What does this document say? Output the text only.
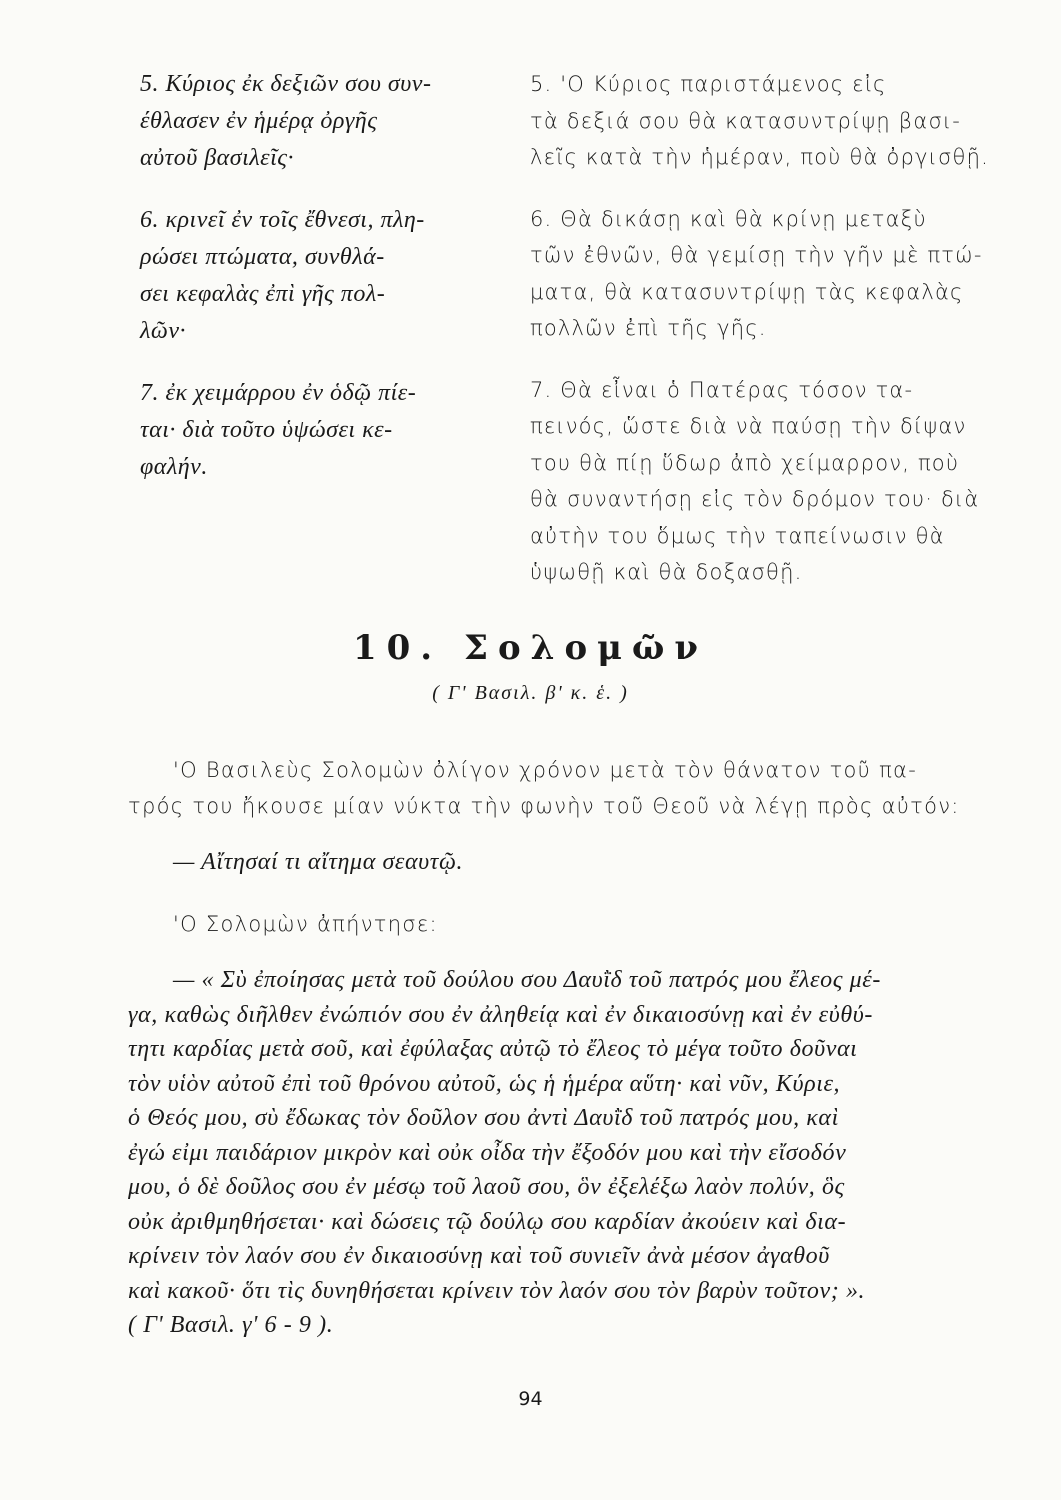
5. Κύριος ἐκ δεξιῶν σου συν-
έθλασεν ἐν ἡμέρᾳ ὀργῆς
αὐτοῦ βασιλεῖς·
6. κρινεῖ ἐν τοῖς ἔθνεσι, πλη-
ρώσει πτώματα, συνθλά-
σει κεφαλὰς ἐπὶ γῆς πολ-
λῶν·
7. ἐκ χειμάρρου ἐν ὁδῷ πίε-
ται· διὰ τοῦτο ὑψώσει κε-
φαλήν.
5. 'Ο Κύριος παριστάμενος εἰς
τὰ δεξιά σου θὰ κατασυντρίψῃ βασι-
λεῖς κατὰ τὴν ἡμέραν, ποὺ θὰ ὀργισθῇ.
6. Θὰ δικάσῃ καὶ θὰ κρίνῃ μεταξὺ
τῶν ἐθνῶν, θὰ γεμίσῃ τὴν γῆν μὲ πτώ-
ματα, θὰ κατασυντρίψῃ τὰς κεφαλὰς
πολλῶν ἐπὶ τῆς γῆς.
7. Θὰ εἶναι ὁ Πατέρας τόσον τα-
πεινός, ὥστε διὰ νὰ παύσῃ τὴν δίψαν
του θὰ πίῃ ὕδωρ ἀπὸ χείμαρρον, ποὺ
θὰ συναντήσῃ εἰς τὸν δρόμον του· διὰ
αὐτὴν του ὅμως τὴν ταπείνωσιν θὰ
ὑψωθῇ καὶ θὰ δοξασθῇ.
10. Σολομῶν
( Γ' Βασιλ. β' κ. ἑ. )
'Ο Βασιλεὺς Σολομὼν ὀλίγον χρόνον μετὰ τὸν θάνατον τοῦ πα-
τρός του ἤκουσε μίαν νύκτα τὴν φωνὴν τοῦ Θεοῦ νὰ λέγῃ πρὸς αὐτόν:
— Αἴτησαί τι αἴτημα σεαυτῷ.
'Ο Σολομὼν ἀπήντησε:
— « Σὺ ἐποίησας μετὰ τοῦ δούλου σου Δαυῒδ τοῦ πατρός μου ἔλεος μέ-
γα, καθὼς διῆλθεν ἐνώπιόν σου ἐν ἀληθείᾳ καὶ ἐν δικαιοσύνῃ καὶ ἐν εὐθύ-
τητι καρδίας μετὰ σοῦ, καὶ ἐφύλαξας αὐτῷ τὸ ἔλεος τὸ μέγα τοῦτο δοῦναι
τὸν υἱὸν αὐτοῦ ἐπὶ τοῦ θρόνου αὐτοῦ, ὡς ἡ ἡμέρα αὕτη· καὶ νῦν, Κύριε,
ὁ Θεός μου, σὺ ἔδωκας τὸν δοῦλον σου ἀντὶ Δαυῒδ τοῦ πατρός μου, καὶ
ἐγώ εἰμι παιδάριον μικρὸν καὶ οὐκ οἶδα τὴν ἔξοδόν μου καὶ τὴν εἴσοδόν
μου, ὁ δὲ δοῦλος σου ἐν μέσῳ τοῦ λαοῦ σου, ὃν ἐξελέξω λαὸν πολύν, ὃς
οὐκ ἀριθμηθήσεται· καὶ δώσεις τῷ δούλῳ σου καρδίαν ἀκούειν καὶ δια-
κρίνειν τὸν λαόν σου ἐν δικαιοσύνῃ καὶ τοῦ συνιεῖν ἀνὰ μέσον ἀγαθοῦ
καὶ κακοῦ· ὅτι τὶς δυνηθήσεται κρίνειν τὸν λαόν σου τὸν βαρὺν τοῦτον; ».
( Γ' Βασιλ. γ' 6 - 9 ).
94
